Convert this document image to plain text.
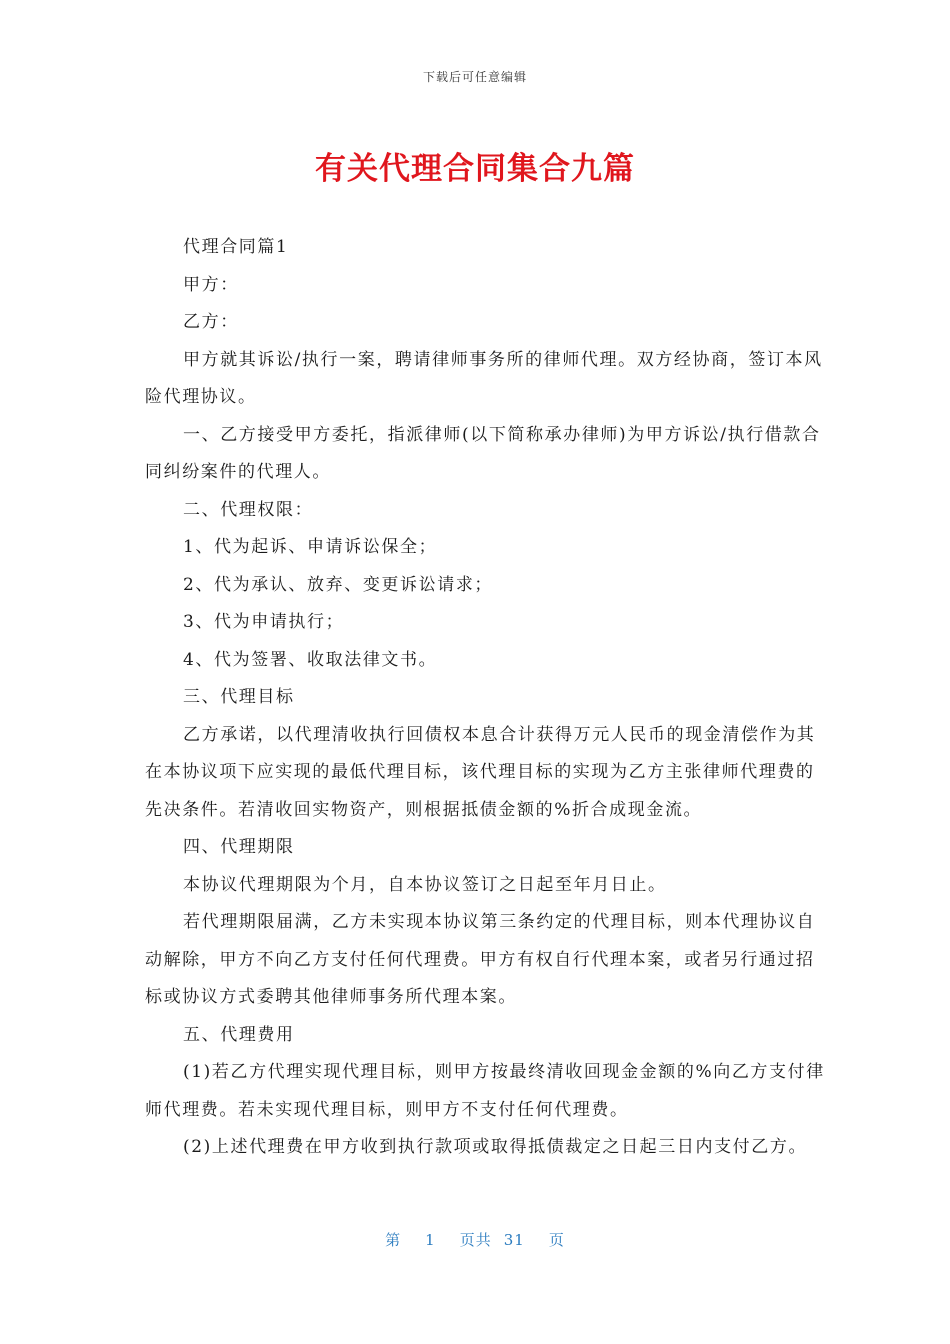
下载后可任意编辑
有关代理合同集合九篇

代理合同篇1

甲方：

乙方：

甲方就其诉讼/执行一案，聘请律师事务所的律师代理。双方经协商，签订本风险代理协议。

一、乙方接受甲方委托，指派律师(以下简称承办律师)为甲方诉讼/执行借款合同纠纷案件的代理人。

二、代理权限：

1、代为起诉、申请诉讼保全；

2、代为承认、放弃、变更诉讼请求；

3、代为申请执行；

4、代为签署、收取法律文书。

三、代理目标

乙方承诺，以代理清收执行回债权本息合计获得万元人民币的现金清偿作为其在本协议项下应实现的最低代理目标，该代理目标的实现为乙方主张律师代理费的先决条件。若清收回实物资产，则根据抵债金额的%折合成现金流。

四、代理期限

本协议代理期限为个月，自本协议签订之日起至年月日止。

若代理期限届满，乙方未实现本协议第三条约定的代理目标，则本代理协议自动解除，甲方不向乙方支付任何代理费。甲方有权自行代理本案，或者另行通过招标或协议方式委聘其他律师事务所代理本案。

五、代理费用

(1)若乙方代理实现代理目标，则甲方按最终清收回现金金额的%向乙方支付律师代理费。若未实现代理目标，则甲方不支付任何代理费。

(2)上述代理费在甲方收到执行款项或取得抵债裁定之日起三日内支付乙方。

第 1 页共 31 页
